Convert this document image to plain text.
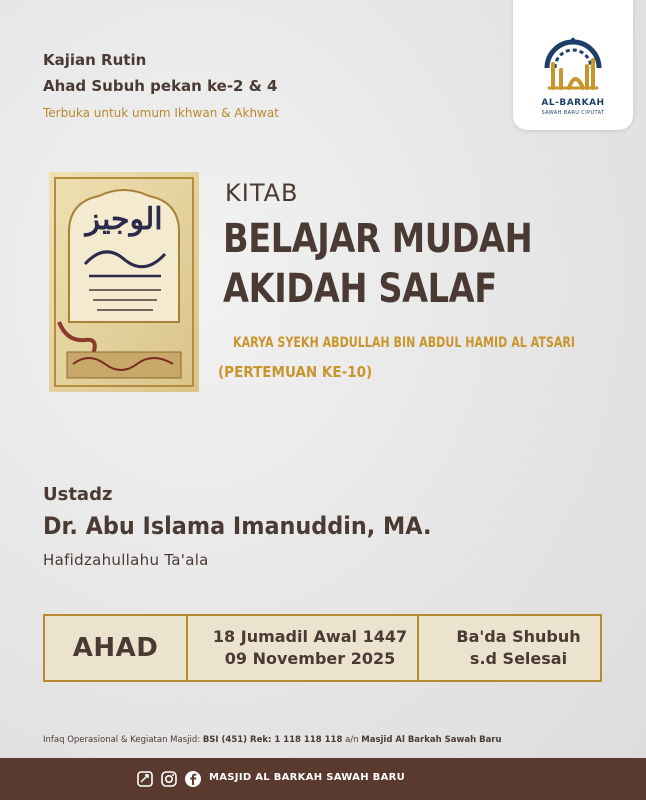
Kajian Rutin
Ahad Subuh pekan ke-2 & 4
Terbuka untuk umum Ikhwan & Akhwat
AL-BARKAH
SAWAH BARU CIPUTAT
الوجيز
KITAB
BELAJAR MUDAH
AKIDAH SALAF
KARYA SYEKH ABDULLAH BIN ABDUL HAMID AL ATSARI
(PERTEMUAN KE-10)
Ustadz
Dr. Abu Islama Imanuddin, MA.
Hafidzahullahu Ta'ala
AHAD	18 Jumadil Awal 1447
09 November 2025
Ba'da Shubuh
s.d Selesai
Infaq Operasional & Kegiatan Masjid: BSI (451) Rek: 1 118 118 118 a/n Masjid Al Barkah Sawah Baru
MASJID AL BARKAH SAWAH BARU
